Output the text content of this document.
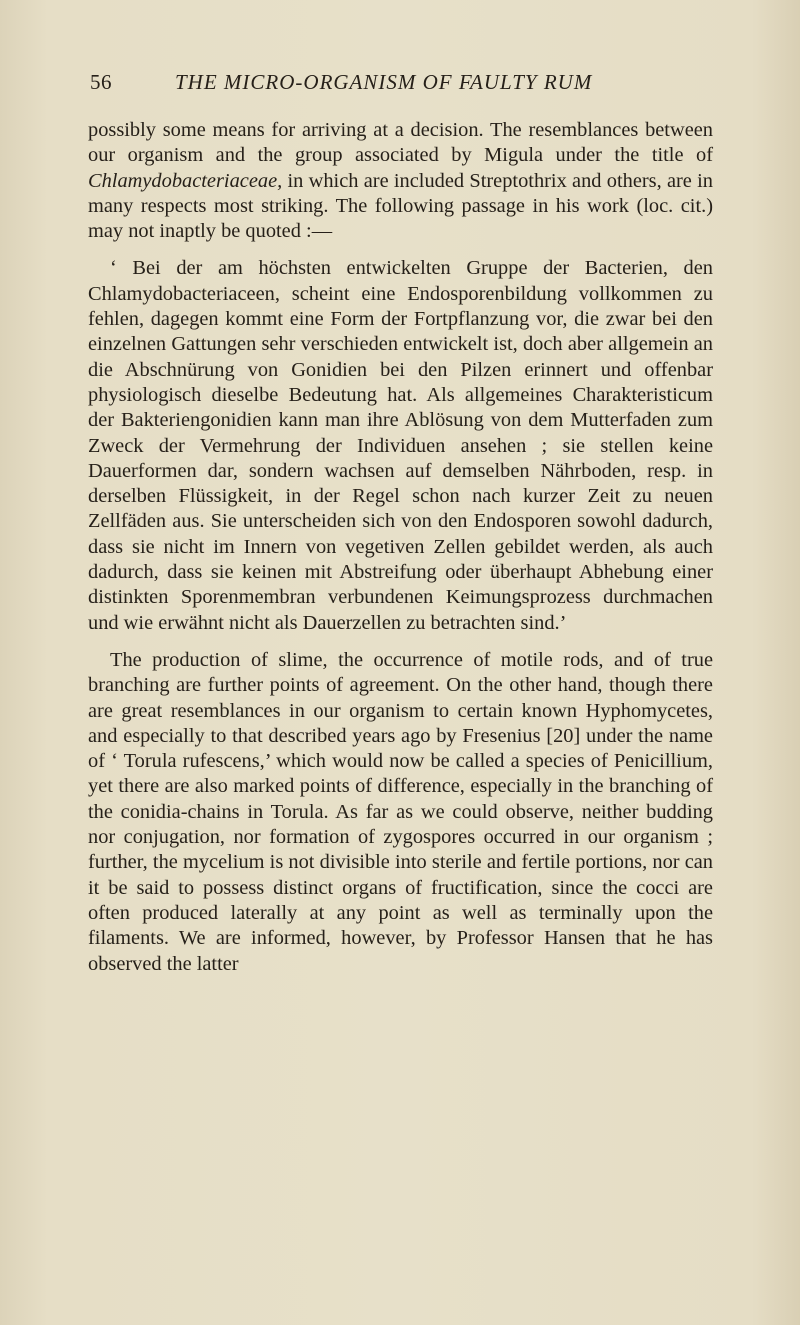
56	THE MICRO-ORGANISM OF FAULTY RUM

possibly some means for arriving at a decision. The resemblances between our organism and the group associated by Migula under the title of Chlamydobacteriaceae, in which are included Streptothrix and others, are in many respects most striking. The following passage in his work (loc. cit.) may not inaptly be quoted :—

‘ Bei der am höchsten entwickelten Gruppe der Bacterien, den Chlamydobacteriaceen, scheint eine Endosporenbildung vollkommen zu fehlen, dagegen kommt eine Form der Fortpflanzung vor, die zwar bei den einzelnen Gattungen sehr verschieden entwickelt ist, doch aber allgemein an die Abschnürung von Gonidien bei den Pilzen erinnert und offenbar physiologisch dieselbe Bedeutung hat. Als allgemeines Charakteristicum der Bakteriengonidien kann man ihre Ablösung von dem Mutterfaden zum Zweck der Vermehrung der Individuen ansehen ; sie stellen keine Dauerformen dar, sondern wachsen auf demselben Nährboden, resp. in derselben Flüssigkeit, in der Regel schon nach kurzer Zeit zu neuen Zellfäden aus. Sie unterscheiden sich von den Endosporen sowohl dadurch, dass sie nicht im Innern von vegetiven Zellen gebildet werden, als auch dadurch, dass sie keinen mit Abstreifung oder überhaupt Abhebung einer distinkten Sporenmembran verbundenen Keimungsprozess durchmachen und wie erwähnt nicht als Dauerzellen zu betrachten sind.’

The production of slime, the occurrence of motile rods, and of true branching are further points of agreement. On the other hand, though there are great resemblances in our organism to certain known Hyphomycetes, and especially to that described years ago by Fresenius [20] under the name of ‘ Torula rufescens,’ which would now be called a species of Penicillium, yet there are also marked points of difference, especially in the branching of the conidia-chains in Torula. As far as we could observe, neither budding nor conjugation, nor formation of zygospores occurred in our organism ; further, the mycelium is not divisible into sterile and fertile portions, nor can it be said to possess distinct organs of fructification, since the cocci are often produced laterally at any point as well as terminally upon the filaments. We are informed, however, by Professor Hansen that he has observed the latter
